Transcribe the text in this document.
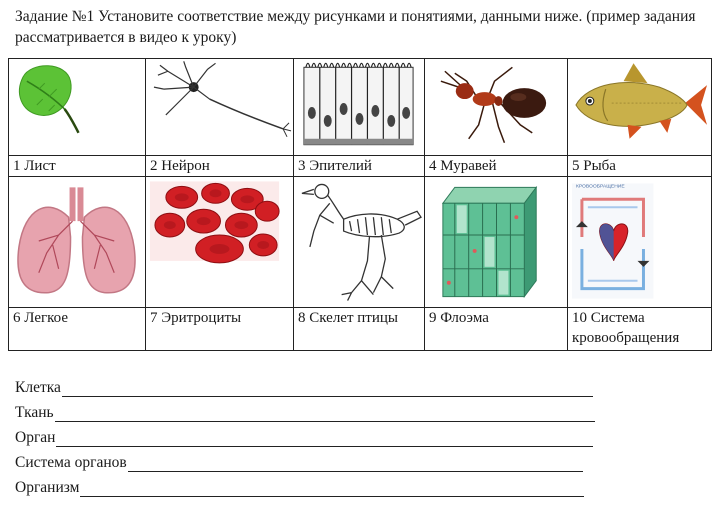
Задание №1 Установите соответствие между рисунками и понятиями, данными ниже. (пример задания рассматривается в видео к уроку)

1 Лист	2 Нейрон	3 Эпителий	4 Муравей	5 Рыба

КРОВООБРАЩЕНИЕ

6 Легкое	7 Эритроциты	8 Скелет птицы	9 Флоэма	10 Система
кровообращения
Клетка
Ткань
Орган
Система органов
Организм
